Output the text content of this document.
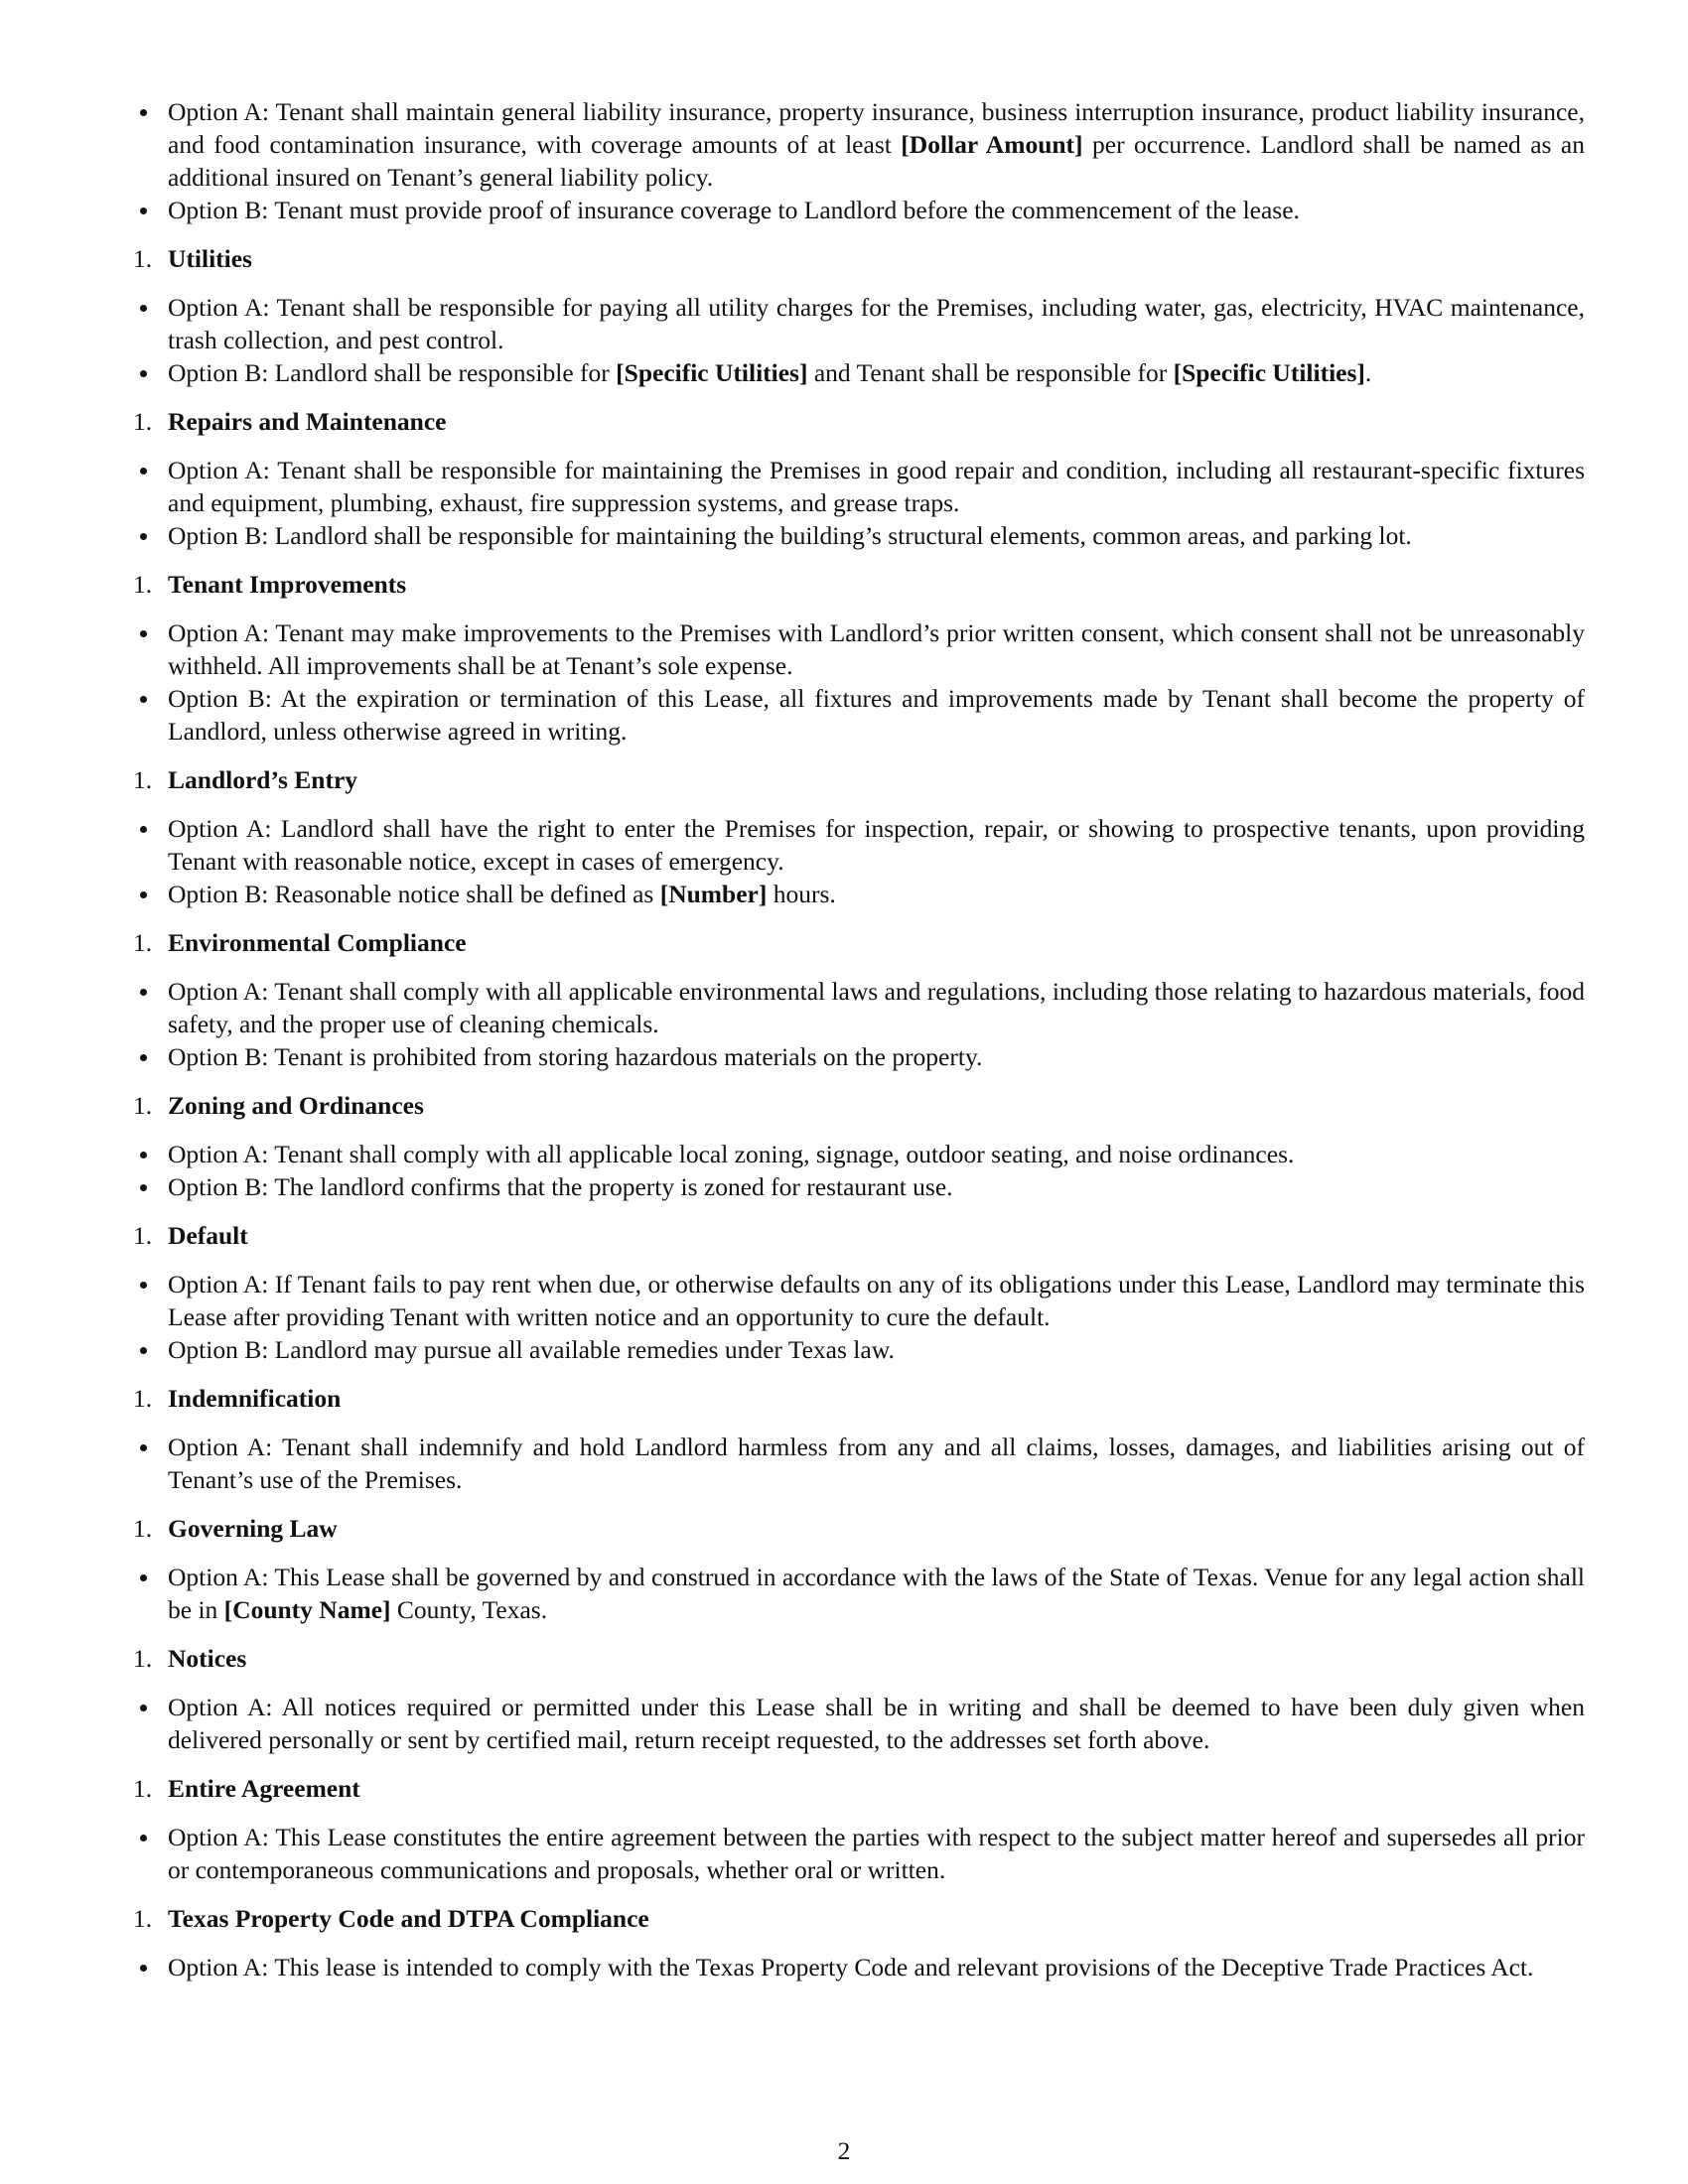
Option A: Tenant shall maintain general liability insurance, property insurance, business interruption insurance, product liability insurance, and food contamination insurance, with coverage amounts of at least [Dollar Amount] per occurrence. Landlord shall be named as an additional insured on Tenant’s general liability policy.
Option B: Tenant must provide proof of insurance coverage to Landlord before the commencement of the lease.
1. Utilities
Option A: Tenant shall be responsible for paying all utility charges for the Premises, including water, gas, electricity, HVAC maintenance, trash collection, and pest control.
Option B: Landlord shall be responsible for [Specific Utilities] and Tenant shall be responsible for [Specific Utilities].
1. Repairs and Maintenance
Option A: Tenant shall be responsible for maintaining the Premises in good repair and condition, including all restaurant-specific fixtures and equipment, plumbing, exhaust, fire suppression systems, and grease traps.
Option B: Landlord shall be responsible for maintaining the building’s structural elements, common areas, and parking lot.
1. Tenant Improvements
Option A: Tenant may make improvements to the Premises with Landlord’s prior written consent, which consent shall not be unreasonably withheld. All improvements shall be at Tenant’s sole expense.
Option B: At the expiration or termination of this Lease, all fixtures and improvements made by Tenant shall become the property of Landlord, unless otherwise agreed in writing.
1. Landlord’s Entry
Option A: Landlord shall have the right to enter the Premises for inspection, repair, or showing to prospective tenants, upon providing Tenant with reasonable notice, except in cases of emergency.
Option B: Reasonable notice shall be defined as [Number] hours.
1. Environmental Compliance
Option A: Tenant shall comply with all applicable environmental laws and regulations, including those relating to hazardous materials, food safety, and the proper use of cleaning chemicals.
Option B: Tenant is prohibited from storing hazardous materials on the property.
1. Zoning and Ordinances
Option A: Tenant shall comply with all applicable local zoning, signage, outdoor seating, and noise ordinances.
Option B: The landlord confirms that the property is zoned for restaurant use.
1. Default
Option A: If Tenant fails to pay rent when due, or otherwise defaults on any of its obligations under this Lease, Landlord may terminate this Lease after providing Tenant with written notice and an opportunity to cure the default.
Option B: Landlord may pursue all available remedies under Texas law.
1. Indemnification
Option A: Tenant shall indemnify and hold Landlord harmless from any and all claims, losses, damages, and liabilities arising out of Tenant’s use of the Premises.
1. Governing Law
Option A: This Lease shall be governed by and construed in accordance with the laws of the State of Texas. Venue for any legal action shall be in [County Name] County, Texas.
1. Notices
Option A: All notices required or permitted under this Lease shall be in writing and shall be deemed to have been duly given when delivered personally or sent by certified mail, return receipt requested, to the addresses set forth above.
1. Entire Agreement
Option A: This Lease constitutes the entire agreement between the parties with respect to the subject matter hereof and supersedes all prior or contemporaneous communications and proposals, whether oral or written.
1. Texas Property Code and DTPA Compliance
Option A: This lease is intended to comply with the Texas Property Code and relevant provisions of the Deceptive Trade Practices Act.
2
